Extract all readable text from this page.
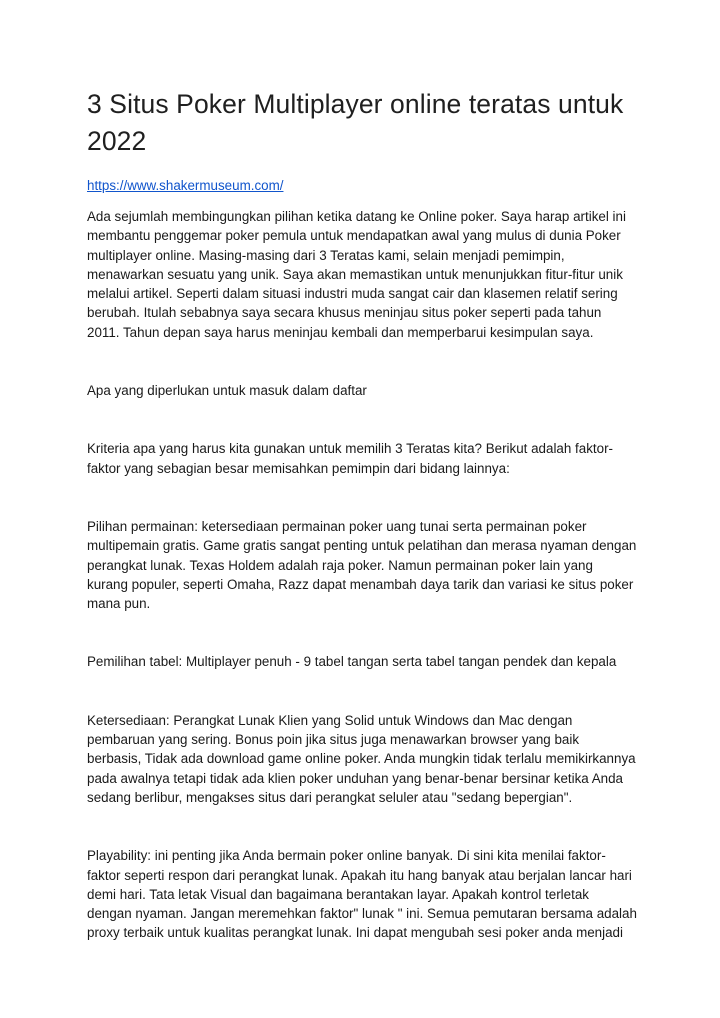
3 Situs Poker Multiplayer online teratas untuk 2022
https://www.shakermuseum.com/

Ada sejumlah membingungkan pilihan ketika datang ke Online poker. Saya harap artikel ini membantu penggemar poker pemula untuk mendapatkan awal yang mulus di dunia Poker multiplayer online. Masing-masing dari 3 Teratas kami, selain menjadi pemimpin, menawarkan sesuatu yang unik. Saya akan memastikan untuk menunjukkan fitur-fitur unik melalui artikel. Seperti dalam situasi industri muda sangat cair dan klasemen relatif sering berubah. Itulah sebabnya saya secara khusus meninjau situs poker seperti pada tahun 2011. Tahun depan saya harus meninjau kembali dan memperbarui kesimpulan saya.

Apa yang diperlukan untuk masuk dalam daftar

Kriteria apa yang harus kita gunakan untuk memilih 3 Teratas kita? Berikut adalah faktor-faktor yang sebagian besar memisahkan pemimpin dari bidang lainnya:

Pilihan permainan: ketersediaan permainan poker uang tunai serta permainan poker multipemain gratis. Game gratis sangat penting untuk pelatihan dan merasa nyaman dengan perangkat lunak. Texas Holdem adalah raja poker. Namun permainan poker lain yang kurang populer, seperti Omaha, Razz dapat menambah daya tarik dan variasi ke situs poker mana pun.

Pemilihan tabel: Multiplayer penuh - 9 tabel tangan serta tabel tangan pendek dan kepala

Ketersediaan: Perangkat Lunak Klien yang Solid untuk Windows dan Mac dengan pembaruan yang sering. Bonus poin jika situs juga menawarkan browser yang baik berbasis, Tidak ada download game online poker. Anda mungkin tidak terlalu memikirkannya pada awalnya tetapi tidak ada klien poker unduhan yang benar-benar bersinar ketika Anda sedang berlibur, mengakses situs dari perangkat seluler atau "sedang bepergian".

Playability: ini penting jika Anda bermain poker online banyak. Di sini kita menilai faktor-faktor seperti respon dari perangkat lunak. Apakah itu hang banyak atau berjalan lancar hari demi hari. Tata letak Visual dan bagaimana berantakan layar. Apakah kontrol terletak dengan nyaman. Jangan meremehkan faktor" lunak " ini. Semua pemutaran bersama adalah proxy terbaik untuk kualitas perangkat lunak. Ini dapat mengubah sesi poker anda menjadi
